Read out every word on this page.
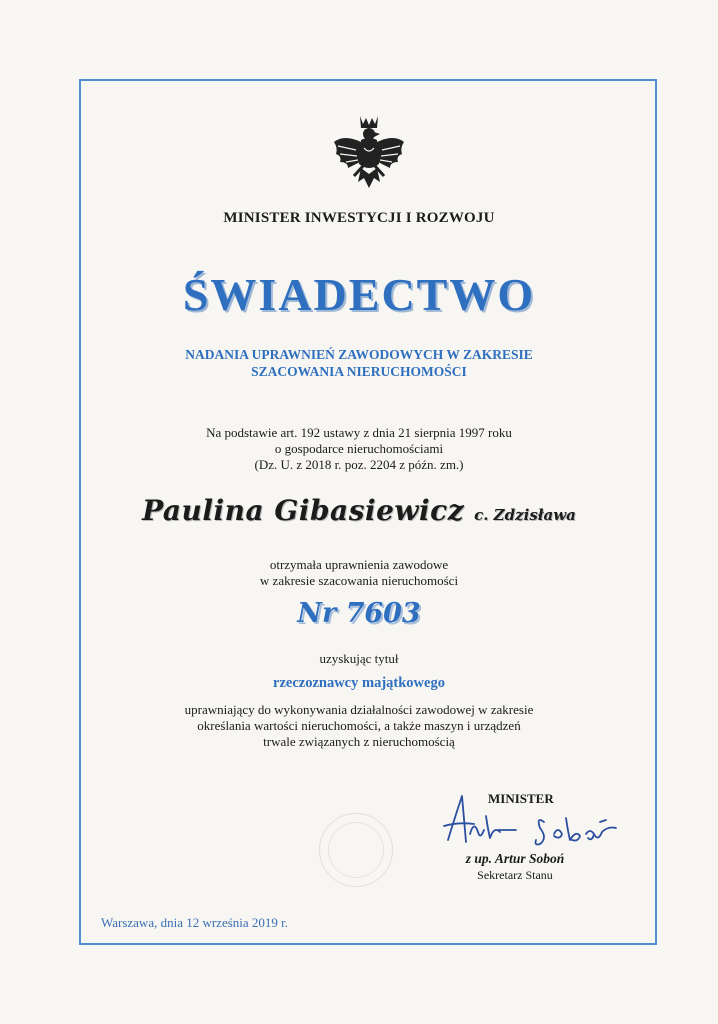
MINISTER INWESTYCJI I ROZWOJU
ŚWIADECTWO
NADANIA UPRAWNIEŃ ZAWODOWYCH W ZAKRESIE
SZACOWANIA NIERUCHOMOŚCI
Na podstawie art. 192 ustawy z dnia 21 sierpnia 1997 roku
o gospodarce nieruchomościami
(Dz. U. z 2018 r. poz. 2204 z późn. zm.)
Paulina Gibasiewicz c. Zdzisława
otrzymała uprawnienia zawodowe
w zakresie szacowania nieruchomości
Nr 7603
uzyskując tytuł
rzeczoznawcy majątkowego
uprawniający do wykonywania działalności zawodowej w zakresie
określania wartości nieruchomości, a także maszyn i urządzeń
trwale związanych z nieruchomością
MINISTER
z up. Artur Soboń
Sekretarz Stanu
Warszawa, dnia 12 września 2019 r.
